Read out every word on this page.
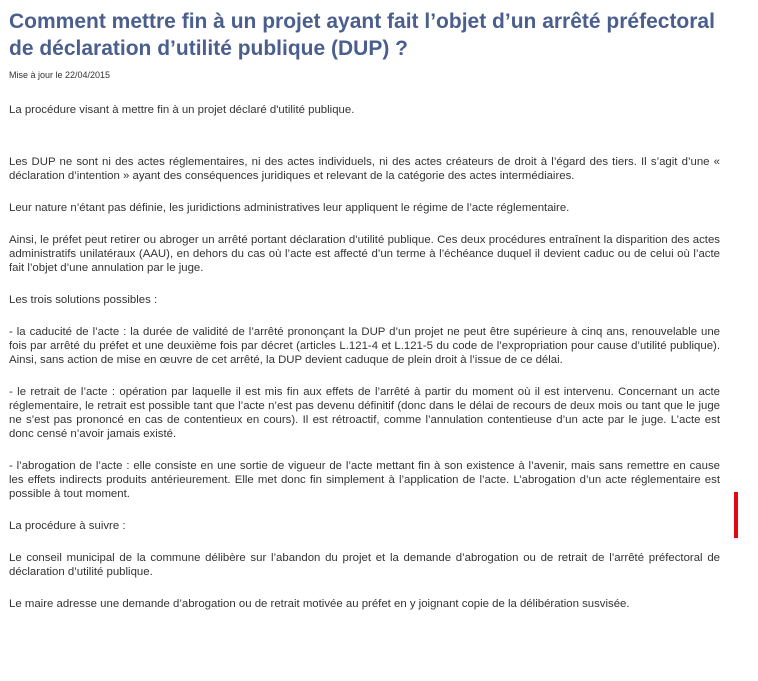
Comment mettre fin à un projet ayant fait l’objet d’un arrêté préfectoral de déclaration d’utilité publique (DUP) ?

Mise à jour le 22/04/2015

La procédure visant à mettre fin à un projet déclaré d'utilité publique.

Les DUP ne sont ni des actes réglementaires, ni des actes individuels, ni des actes créateurs de droit à l’égard des tiers. Il s’agit d’une « déclaration d’intention » ayant des conséquences juridiques et relevant de la catégorie des actes intermédiaires.

Leur nature n’étant pas définie, les juridictions administratives leur appliquent le régime de l’acte réglementaire.

Ainsi, le préfet peut retirer ou abroger un arrêté portant déclaration d’utilité publique. Ces deux procédures entraînent la disparition des actes administratifs unilatéraux (AAU), en dehors du cas où l’acte est affecté d’un terme à l’échéance duquel il devient caduc ou de celui où l’acte fait l’objet d’une annulation par le juge.

Les trois solutions possibles :

- la caducité de l’acte : la durée de validité de l’arrêté prononçant la DUP d’un projet ne peut être supérieure à cinq ans, renouvelable une fois par arrêté du préfet et une deuxième fois par décret (articles L.121-4 et L.121-5 du code de l’expropriation pour cause d’utilité publique). Ainsi, sans action de mise en œuvre de cet arrêté, la DUP devient caduque de plein droit à l’issue de ce délai.

- le retrait de l’acte : opération par laquelle il est mis fin aux effets de l’arrêté à partir du moment où il est intervenu. Concernant un acte réglementaire, le retrait est possible tant que l’acte n’est pas devenu définitif (donc dans le délai de recours de deux mois ou tant que le juge ne s’est pas prononcé en cas de contentieux en cours). Il est rétroactif, comme l’annulation contentieuse d’un acte par le juge. L’acte est donc censé n’avoir jamais existé.

- l’abrogation de l’acte : elle consiste en une sortie de vigueur de l’acte mettant fin à son existence à l’avenir, mais sans remettre en cause les effets indirects produits antérieurement. Elle met donc fin simplement à l’application de l’acte. L’abrogation d’un acte réglementaire est possible à tout moment.

La procédure à suivre :

Le conseil municipal de la commune délibère sur l’abandon du projet et la demande d’abrogation ou de retrait de l’arrêté préfectoral de déclaration d’utilité publique.

Le maire adresse une demande d’abrogation ou de retrait motivée au préfet en y joignant copie de la délibération susvisée.
